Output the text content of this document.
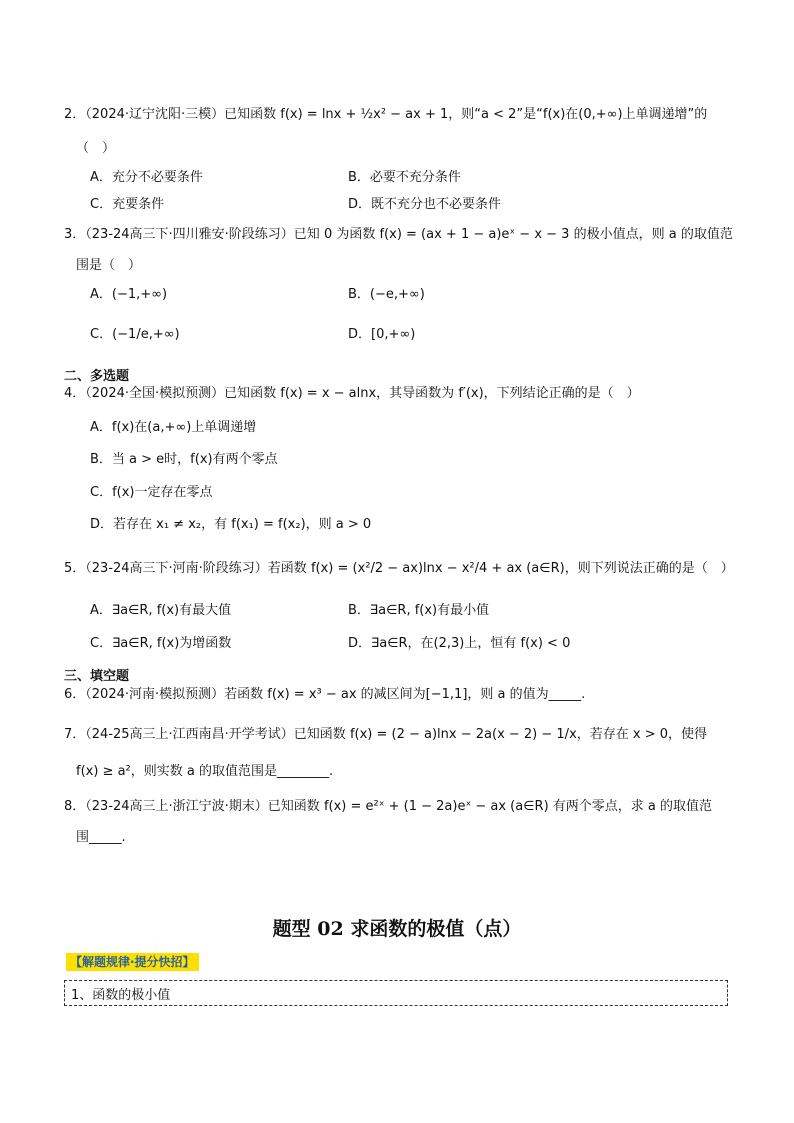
2．（2024·辽宁沈阳·三模）已知函数 f(x) = lnx + ½x² − ax + 1，则“a < 2”是“f(x)在(0,+∞)上单调递增”的
（　）
A．充分不必要条件	B．必要不充分条件
C．充要条件	D．既不充分也不必要条件
3．（23-24高三下·四川雅安·阶段练习）已知 0 为函数 f(x) = (ax + 1 − a)eˣ − x − 3 的极小值点，则 a 的取值范
围是（　）
A．(−1,+∞)	B．(−e,+∞)
C．(−1/e,+∞)	D．[0,+∞)
二、多选题
4．（2024·全国·模拟预测）已知函数 f(x) = x − alnx，其导函数为 f′(x)，下列结论正确的是（　）
A．f(x)在(a,+∞)上单调递增
B．当 a > e时，f(x)有两个零点
C．f(x)一定存在零点
D．若存在 x₁ ≠ x₂，有 f(x₁) = f(x₂)，则 a > 0
5．（23-24高三下·河南·阶段练习）若函数 f(x) = (x²/2 − ax)lnx − x²/4 + ax (a∈R)，则下列说法正确的是（　）
A．∃a∈R, f(x)有最大值	B．∃a∈R, f(x)有最小值
C．∃a∈R, f(x)为增函数	D．∃a∈R，在(2,3)上，恒有 f(x) < 0
三、填空题
6．（2024·河南·模拟预测）若函数 f(x) = x³ − ax 的减区间为[−1,1]，则 a 的值为_____.
7．（24-25高三上·江西南昌·开学考试）已知函数 f(x) = (2 − a)lnx − 2a(x − 2) − 1/x，若存在 x > 0，使得
f(x) ≥ a²，则实数 a 的取值范围是________.
8．（23-24高三上·浙江宁波·期末）已知函数 f(x) = e²ˣ + (1 − 2a)eˣ − ax (a∈R) 有两个零点，求 a 的取值范
围_____.
题型 02 求函数的极值（点）
【解题规律·提分快招】
1、函数的极小值
